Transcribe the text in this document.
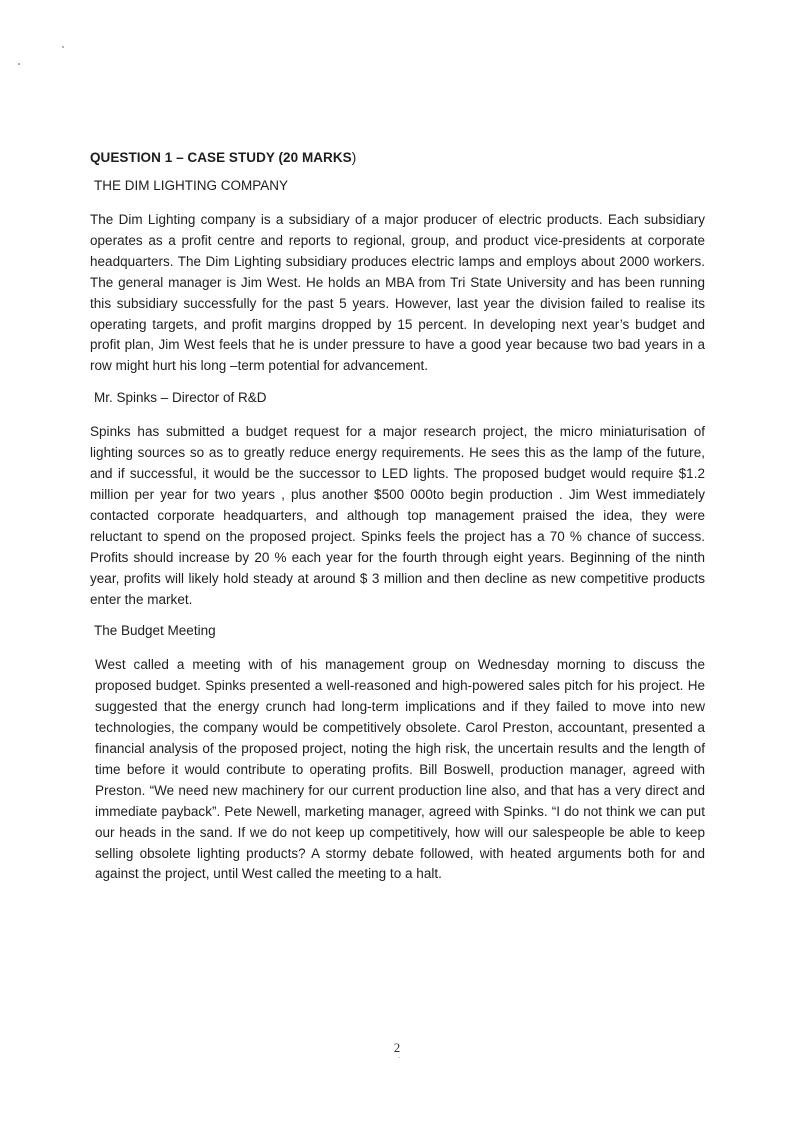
QUESTION 1 – CASE STUDY (20 MARKS)
THE DIM LIGHTING COMPANY

The Dim Lighting company is a subsidiary of a major producer of electric products. Each subsidiary operates as a profit centre and reports to regional, group, and product vice-presidents at corporate headquarters. The Dim Lighting subsidiary produces electric lamps and employs about 2000 workers. The general manager is Jim West. He holds an MBA from Tri State University and has been running this subsidiary successfully for the past 5 years. However, last year the division failed to realise its operating targets, and profit margins dropped by 15 percent. In developing next year’s budget and profit plan, Jim West feels that he is under pressure to have a good year because two bad years in a row might hurt his long –term potential for advancement.

Mr. Spinks – Director of R&D

Spinks has submitted a budget request for a major research project, the micro miniaturisation of lighting sources so as to greatly reduce energy requirements. He sees this as the lamp of the future, and if successful, it would be the successor to LED lights. The proposed budget would require $1.2 million per year for two years , plus another $500 000to begin production . Jim West immediately contacted corporate headquarters, and although top management praised the idea, they were reluctant to spend on the proposed project. Spinks feels the project has a 70 % chance of success. Profits should increase by 20 % each year for the fourth through eight years. Beginning of the ninth year, profits will likely hold steady at around $ 3 million and then decline as new competitive products enter the market.

The Budget Meeting

West called a meeting with of his management group on Wednesday morning to discuss the proposed budget. Spinks presented a well-reasoned and high-powered sales pitch for his project. He suggested that the energy crunch had long-term implications and if they failed to move into new technologies, the company would be competitively obsolete. Carol Preston, accountant, presented a financial analysis of the proposed project, noting the high risk, the uncertain results and the length of time before it would contribute to operating profits. Bill Boswell, production manager, agreed with Preston. “We need new machinery for our current production line also, and that has a very direct and immediate payback”. Pete Newell, marketing manager, agreed with Spinks. “I do not think we can put our heads in the sand. If we do not keep up competitively, how will our salespeople be able to keep selling obsolete lighting products? A stormy debate followed, with heated arguments both for and against the project, until West called the meeting to a halt.

2
